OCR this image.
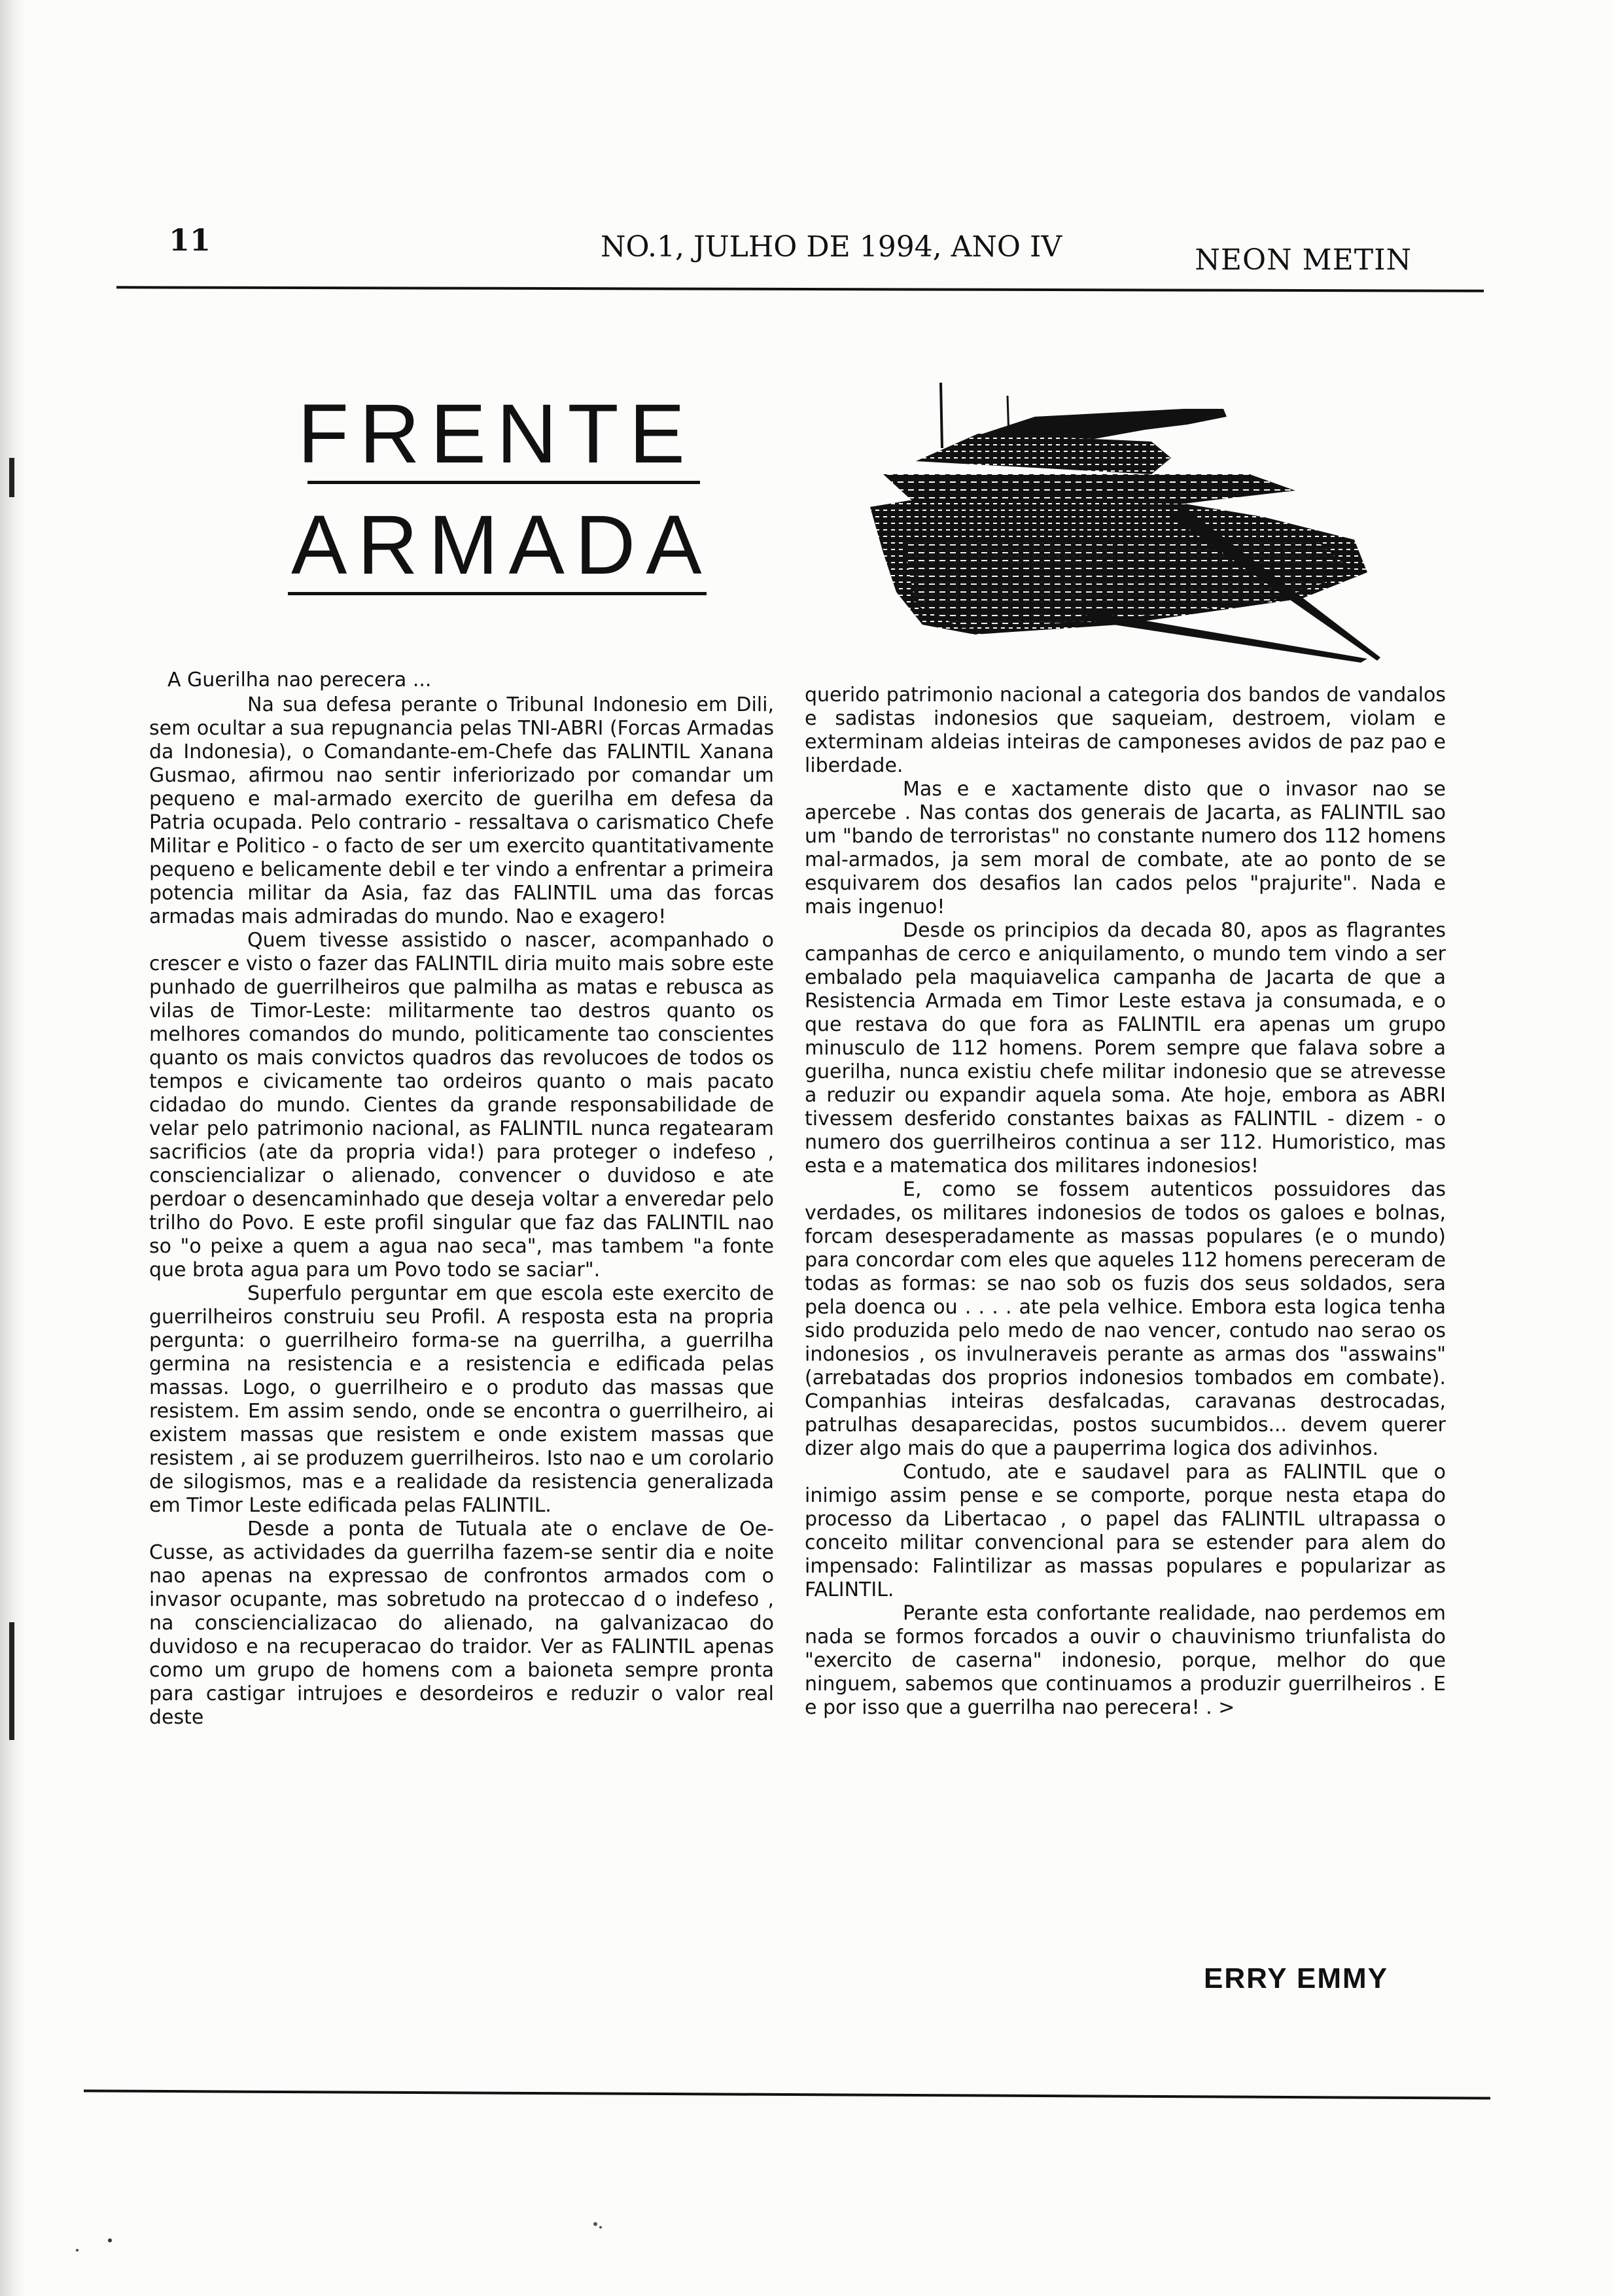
11	NO.1, JULHO DE 1994, ANO IV	NEON METIN
FRENTE
ARMADA

A Guerilha nao perecera ...

Na sua defesa perante o Tribunal Indonesio em Dili, sem ocultar a sua repugnancia pelas TNI-ABRI (Forcas Armadas da Indonesia), o Comandante-em-Chefe das FALINTIL Xanana Gusmao, afirmou nao sentir inferiorizado por comandar um pequeno e mal-armado exercito de guerilha em defesa da Patria ocupada. Pelo contrario - ressaltava o carismatico Chefe Militar e Politico - o facto de ser um exercito quantitativamente pequeno e belicamente debil e ter vindo a enfrentar a primeira potencia militar da Asia, faz das FALINTIL uma das forcas armadas mais admiradas do mundo. Nao e exagero!

Quem tivesse assistido o nascer, acompanhado o crescer e visto o fazer das FALINTIL diria muito mais sobre este punhado de guerrilheiros que palmilha as matas e rebusca as vilas de Timor-Leste: militarmente tao destros quanto os melhores comandos do mundo, politicamente tao conscientes quanto os mais convictos quadros das revolucoes de todos os tempos e civicamente tao ordeiros quanto o mais pacato cidadao do mundo. Cientes da grande responsabilidade de velar pelo patrimonio nacional, as FALINTIL nunca regatearam sacrificios (ate da propria vida!) para proteger o indefeso , consciencializar o alienado, convencer o duvidoso e ate perdoar o desencaminhado que deseja voltar a enveredar pelo trilho do Povo. E este profil singular que faz das FALINTIL nao so "o peixe a quem a agua nao seca", mas tambem "a fonte que brota agua para um Povo todo se saciar".

Superfulo perguntar em que escola este exercito de guerrilheiros construiu seu Profil. A resposta esta na propria pergunta: o guerrilheiro forma-se na guerrilha, a guerrilha germina na resistencia e a resistencia e edificada pelas massas. Logo, o guerrilheiro e o produto das massas que resistem. Em assim sendo, onde se encontra o guerrilheiro, ai existem massas que resistem e onde existem massas que resistem , ai se produzem guerrilheiros. Isto nao e um corolario de silogismos, mas e a realidade da resistencia generalizada em Timor Leste edificada pelas FALINTIL.

Desde a ponta de Tutuala ate o enclave de Oe-Cusse, as actividades da guerrilha fazem-se sentir dia e noite nao apenas na expressao de confrontos armados com o invasor ocupante, mas sobretudo na proteccao d o indefeso , na consciencializacao do alienado, na galvanizacao do duvidoso e na recuperacao do traidor. Ver as FALINTIL apenas como um grupo de homens com a baioneta sempre pronta para castigar intrujoes e desordeiros e reduzir o valor real deste

querido patrimonio nacional a categoria dos bandos de vandalos e sadistas indonesios que saqueiam, destroem, violam e exterminam aldeias inteiras de camponeses avidos de paz pao e liberdade.

Mas e e xactamente disto que o invasor nao se apercebe . Nas contas dos generais de Jacarta, as FALINTIL sao um "bando de terroristas" no constante numero dos 112 homens mal-armados, ja sem moral de combate, ate ao ponto de se esquivarem dos desafios lan cados pelos "prajurite". Nada e mais ingenuo!

Desde os principios da decada 80, apos as flagrantes campanhas de cerco e aniquilamento, o mundo tem vindo a ser embalado pela maquiavelica campanha de Jacarta de que a Resistencia Armada em Timor Leste estava ja consumada, e o que restava do que fora as FALINTIL era apenas um grupo minusculo de 112 homens. Porem sempre que falava sobre a guerilha, nunca existiu chefe militar indonesio que se atrevesse a reduzir ou expandir aquela soma. Ate hoje, embora as ABRI tivessem desferido constantes baixas as FALINTIL - dizem - o numero dos guerrilheiros continua a ser 112. Humoristico, mas esta e a matematica dos militares indonesios!

E, como se fossem autenticos possuidores das verdades, os militares indonesios de todos os galoes e bolnas, forcam desesperadamente as massas populares (e o mundo) para concordar com eles que aqueles 112 homens pereceram de todas as formas: se nao sob os fuzis dos seus soldados, sera pela doenca ou . . . . ate pela velhice. Embora esta logica tenha sido produzida pelo medo de nao vencer, contudo nao serao os indonesios , os invulneraveis perante as armas dos "asswains"(arrebatadas dos proprios indonesios tombados em combate). Companhias inteiras desfalcadas, caravanas destrocadas, patrulhas desaparecidas, postos sucumbidos... devem querer dizer algo mais do que a pauperrima logica dos adivinhos.

Contudo, ate e saudavel para as FALINTIL que o inimigo assim pense e se comporte, porque nesta etapa do processo da Libertacao , o papel das FALINTIL ultrapassa o conceito militar convencional para se estender para alem do impensado: Falintilizar as massas populares e popularizar as FALINTIL.

Perante esta confortante realidade, nao perdemos em nada se formos forcados a ouvir o chauvinismo triunfalista do "exercito de caserna" indonesio, porque, melhor do que ninguem, sabemos que continuamos a produzir guerrilheiros . E e por isso que a guerrilha nao perecera! . >

ERRY EMMY
